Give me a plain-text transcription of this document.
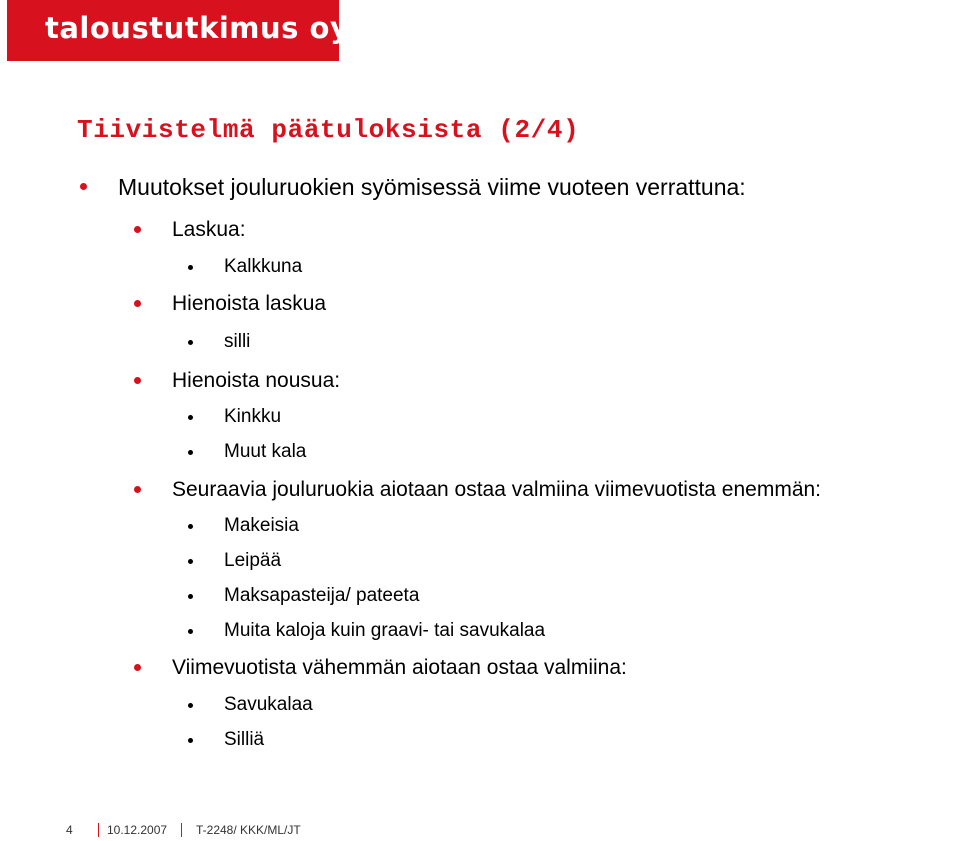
taloustutkimus oy
Tiivistelmä päätuloksista (2/4)
Muutokset jouluruokien syömisessä viime vuoteen verrattuna:
Laskua:
Kalkkuna
Hienoista laskua
silli
Hienoista nousua:
Kinkku
Muut kala
Seuraavia jouluruokia aiotaan ostaa valmiina viimevuotista enemmän:
Makeisia
Leipää
Maksapasteija/ pateeta
Muita kaloja kuin graavi- tai savukalaa
Viimevuotista vähemmän aiotaan ostaa valmiina:
Savukalaa
Silliä
4	10.12.2007 T-2248/ KKK/ML/JT
